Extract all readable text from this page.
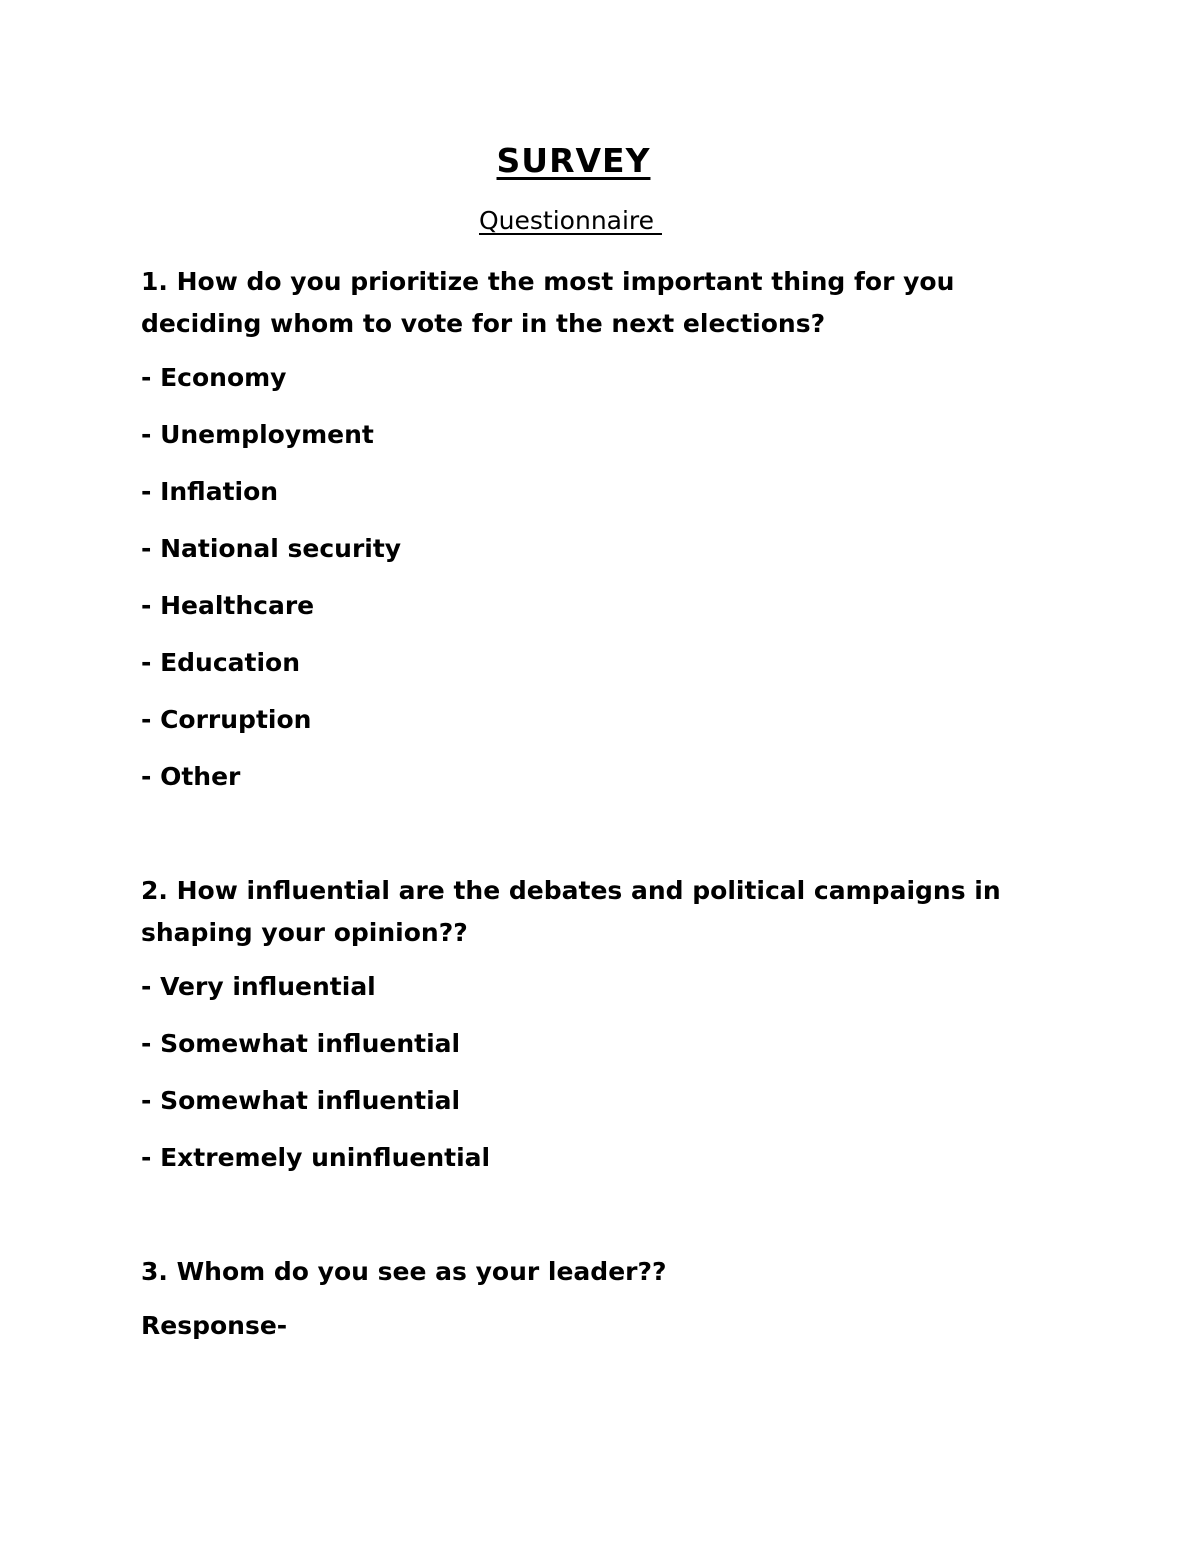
SURVEY
Questionnaire
1. How do you prioritize the most important thing for you deciding whom to vote for in the next elections?
- Economy
- Unemployment
- Inflation
- National security
- Healthcare
- Education
- Corruption
- Other
2. How influential are the debates and political campaigns in shaping your opinion??
- Very influential
- Somewhat influential
- Somewhat influential
- Extremely uninfluential
3. Whom do you see as your leader??
Response-
